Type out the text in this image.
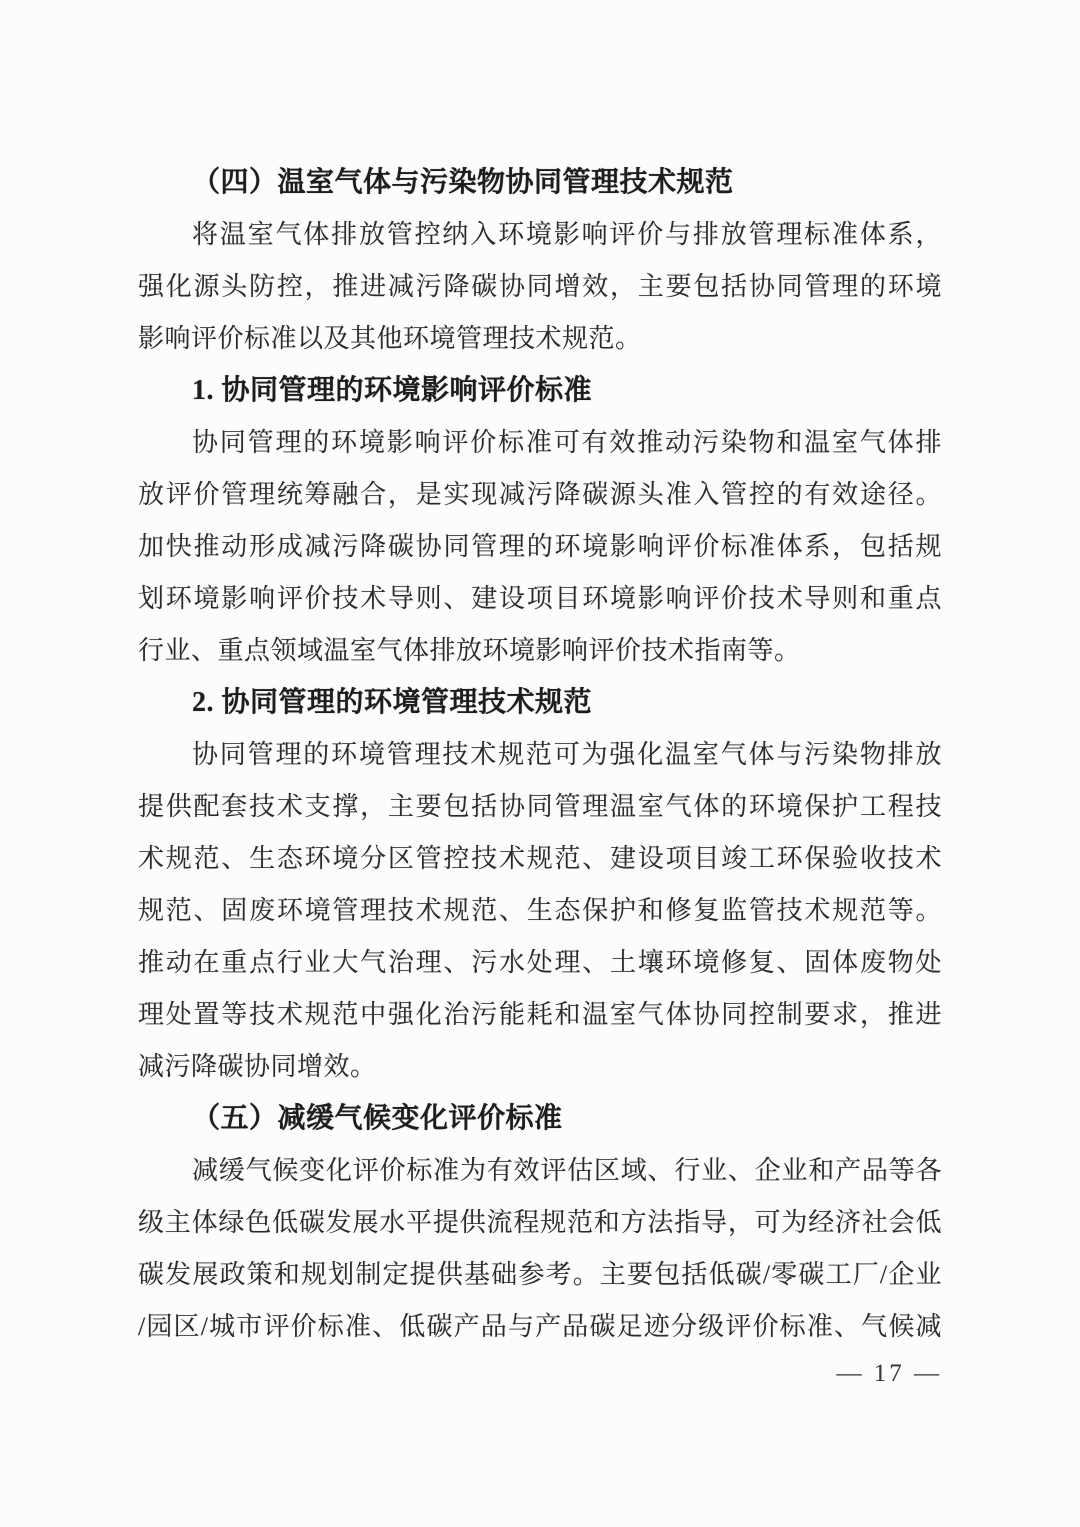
（四）温室气体与污染物协同管理技术规范
将温室气体排放管控纳入环境影响评价与排放管理标准体系，
强化源头防控，推进减污降碳协同增效，主要包括协同管理的环境
影响评价标准以及其他环境管理技术规范。
1. 协同管理的环境影响评价标准
协同管理的环境影响评价标准可有效推动污染物和温室气体排
放评价管理统筹融合，是实现减污降碳源头准入管控的有效途径。
加快推动形成减污降碳协同管理的环境影响评价标准体系，包括规
划环境影响评价技术导则、建设项目环境影响评价技术导则和重点
行业、重点领域温室气体排放环境影响评价技术指南等。
2. 协同管理的环境管理技术规范
协同管理的环境管理技术规范可为强化温室气体与污染物排放
提供配套技术支撑，主要包括协同管理温室气体的环境保护工程技
术规范、生态环境分区管控技术规范、建设项目竣工环保验收技术
规范、固废环境管理技术规范、生态保护和修复监管技术规范等。
推动在重点行业大气治理、污水处理、土壤环境修复、固体废物处
理处置等技术规范中强化治污能耗和温室气体协同控制要求，推进
减污降碳协同增效。
（五）减缓气候变化评价标准
减缓气候变化评价标准为有效评估区域、行业、企业和产品等各
级主体绿色低碳发展水平提供流程规范和方法指导，可为经济社会低
碳发展政策和规划制定提供基础参考。主要包括低碳/零碳工厂/企业
/园区/城市评价标准、低碳产品与产品碳足迹分级评价标准、气候减
— 17 —
